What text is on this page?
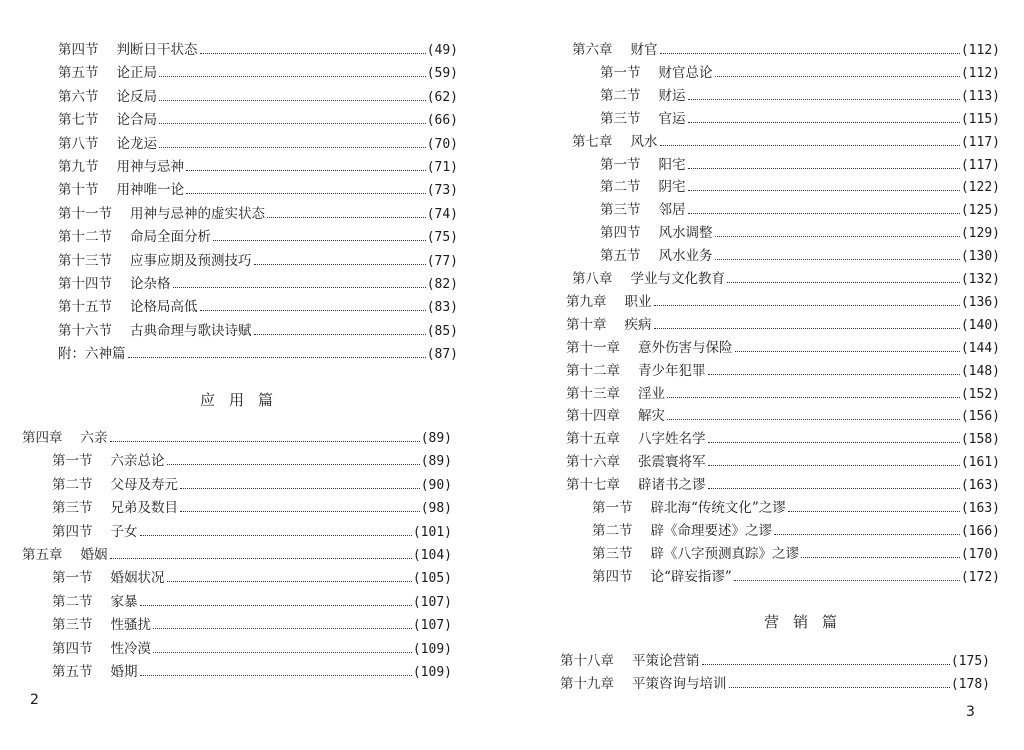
第四节 判断日干状态	(49)
第五节 论正局	(59)
第六节 论反局	(62)
第七节 论合局	(66)
第八节 论龙运	(70)
第九节 用神与忌神	(71)
第十节 用神唯一论	(73)
第十一节 用神与忌神的虚实状态	(74)
第十二节 命局全面分析	(75)
第十三节 应事应期及预测技巧	(77)
第十四节 论杂格	(82)
第十五节 论格局高低	(83)
第十六节 古典命理与歌诀诗赋	(85)
附： 六神篇	(87)
应用篇
第四章 六亲	(89)
第一节 六亲总论	(89)
第二节 父母及寿元	(90)
第三节 兄弟及数目	(98)
第四节 子女	(101)
第五章 婚姻	(104)
第一节 婚姻状况	(105)
第二节 家暴	(107)
第三节 性骚扰	(107)
第四节 性冷漠	(109)
第五节 婚期	(109)
2
第六章 财官	(112)
第一节 财官总论	(112)
第二节 财运	(113)
第三节 官运	(115)
第七章 风水	(117)
第一节 阳宅	(117)
第二节 阴宅	(122)
第三节 邻居	(125)
第四节 风水调整	(129)
第五节 风水业务	(130)
第八章 学业与文化教育	(132)
第九章 职业	(136)
第十章 疾病	(140)
第十一章 意外伤害与保险	(144)
第十二章 青少年犯罪	(148)
第十三章 淫业	(152)
第十四章 解灾	(156)
第十五章 八字姓名学	(158)
第十六章 张震寰将军	(161)
第十七章 辟诸书之谬	(163)
第一节 辟北海“传统文化”之谬	(163)
第二节 辟《命理要述》之谬	(166)
第三节 辟《八字预测真踪》之谬	(170)
第四节 论“辟妄指谬”	(172)
营销篇
第十八章 平策论营销	(175)
第十九章 平策咨询与培训	(178)
3
